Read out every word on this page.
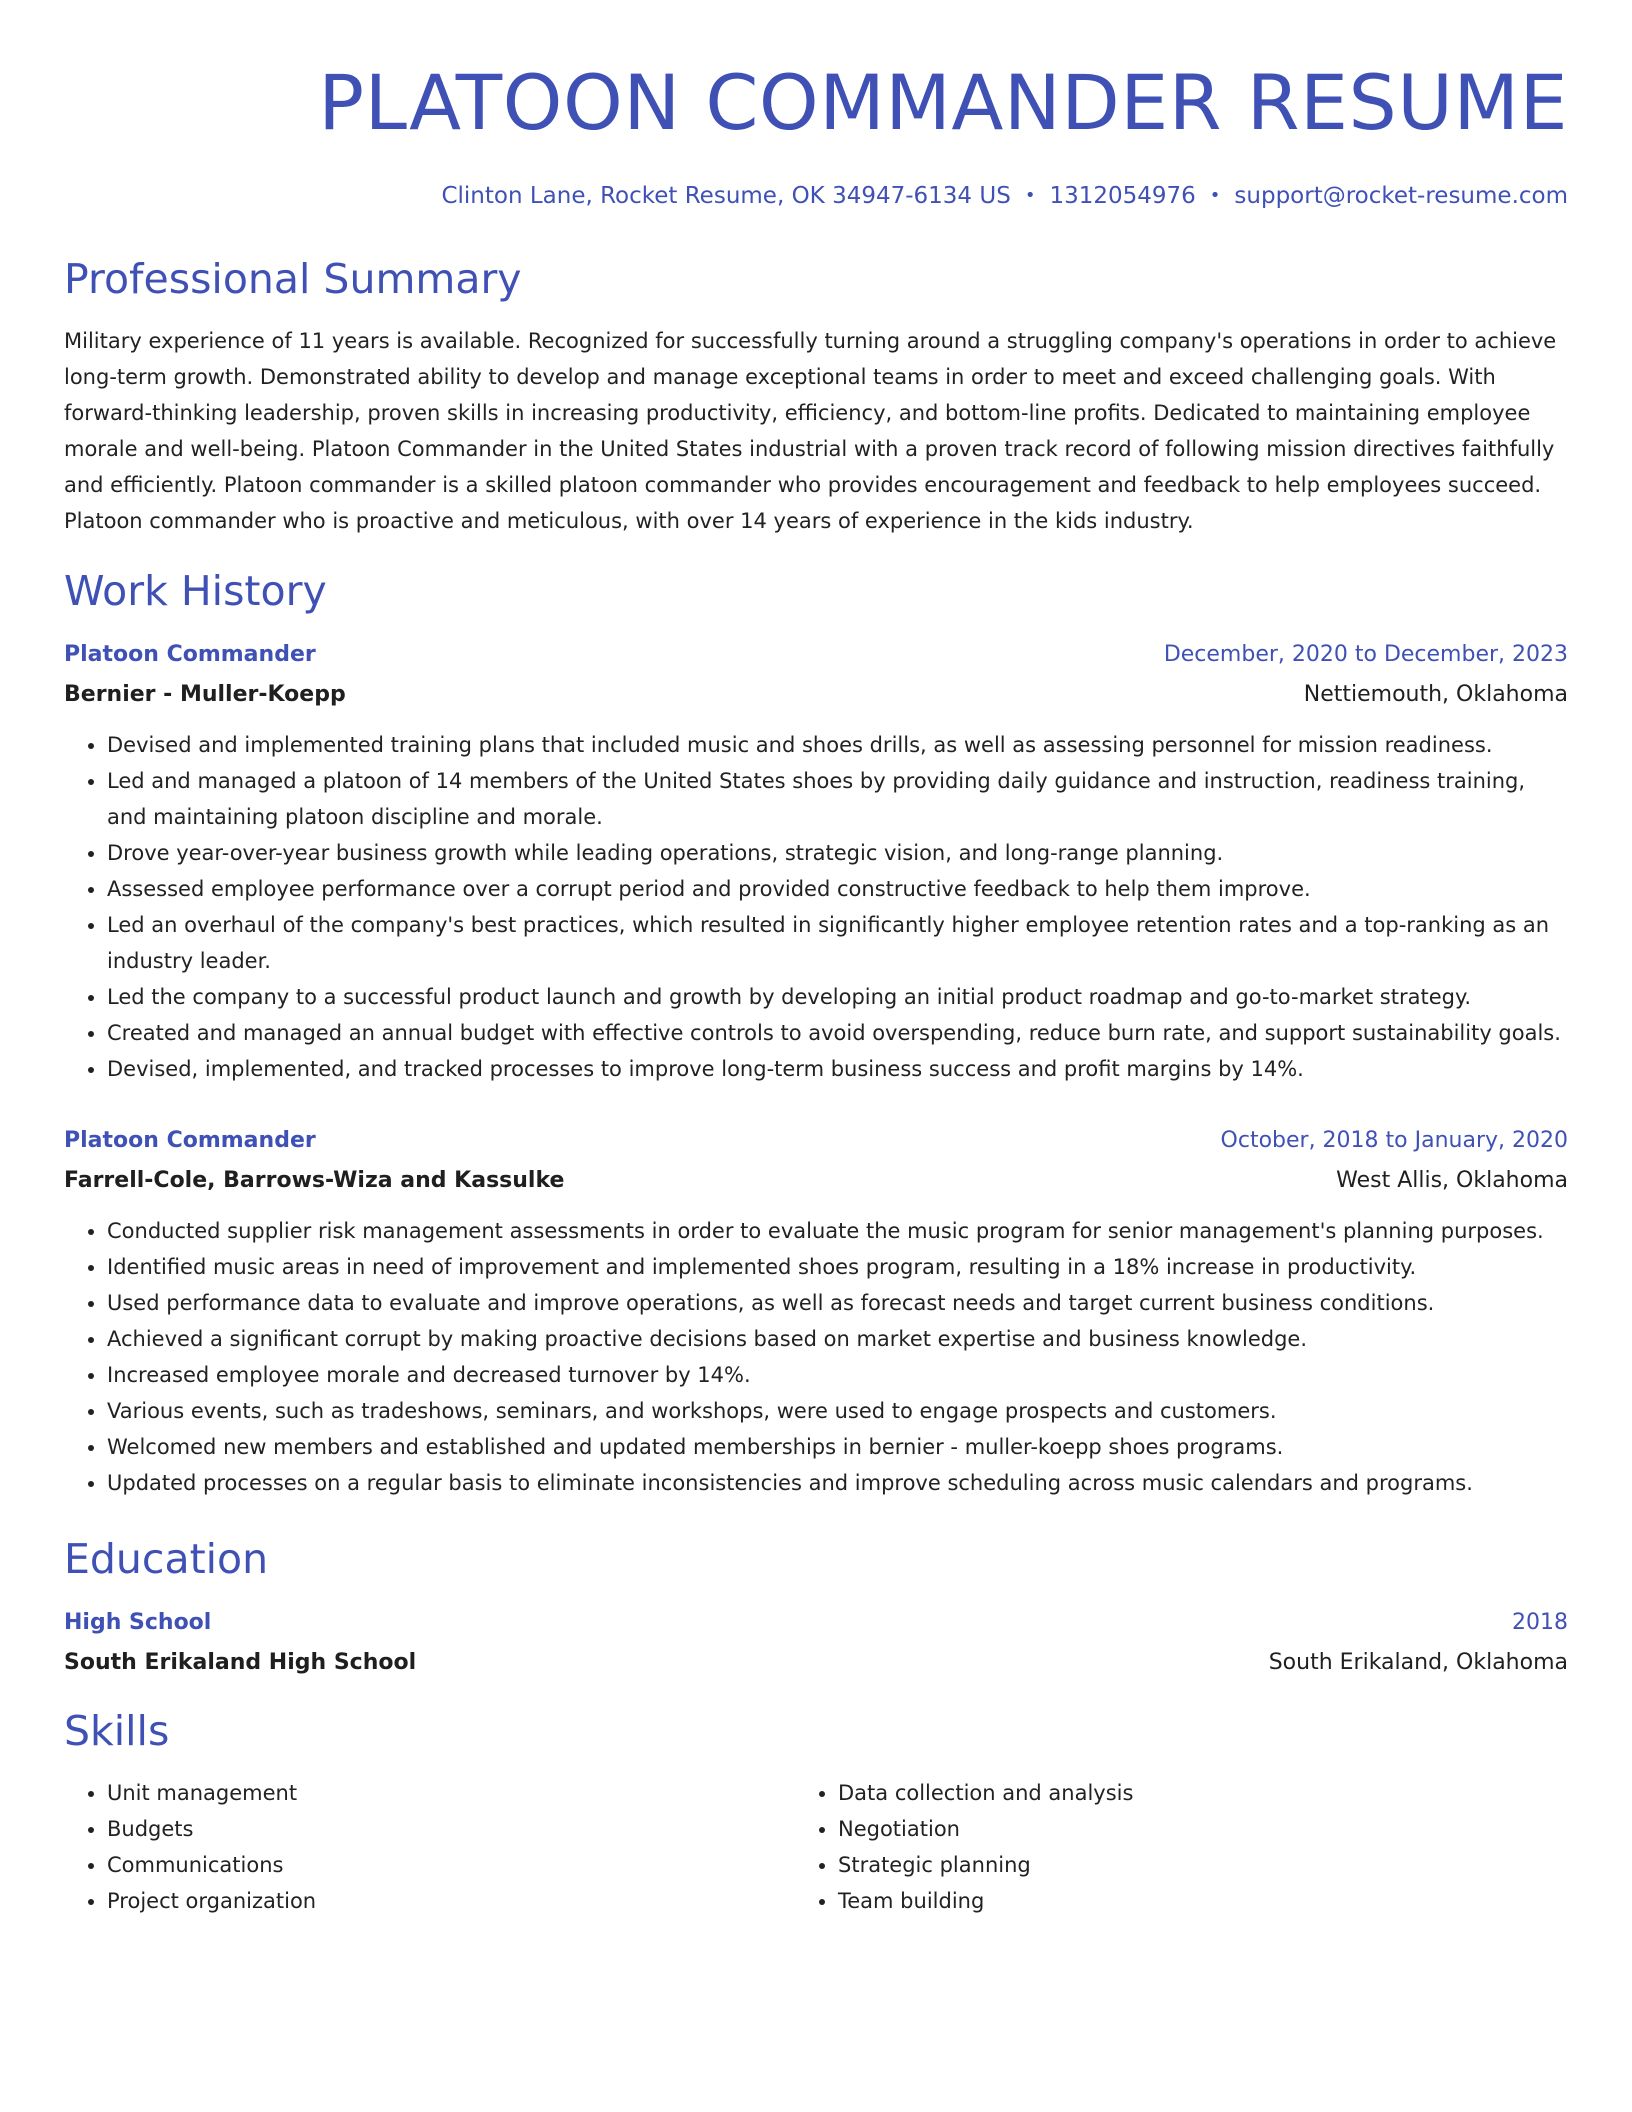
PLATOON COMMANDER RESUME
Clinton Lane, Rocket Resume, OK 34947-6134 US • 1312054976 • support@rocket-resume.com
Professional Summary
Military experience of 11 years is available. Recognized for successfully turning around a struggling company's operations in order to achieve long-term growth. Demonstrated ability to develop and manage exceptional teams in order to meet and exceed challenging goals. With forward-thinking leadership, proven skills in increasing productivity, efficiency, and bottom-line profits. Dedicated to maintaining employee morale and well-being. Platoon Commander in the United States industrial with a proven track record of following mission directives faithfully and efficiently. Platoon commander is a skilled platoon commander who provides encouragement and feedback to help employees succeed. Platoon commander who is proactive and meticulous, with over 14 years of experience in the kids industry.
Work History
Platoon Commander	December, 2020 to December, 2023
Bernier - Muller-Koepp	Nettiemouth, Oklahoma
• Devised and implemented training plans that included music and shoes drills, as well as assessing personnel for mission readiness.
• Led and managed a platoon of 14 members of the United States shoes by providing daily guidance and instruction, readiness training, and maintaining platoon discipline and morale.
• Drove year-over-year business growth while leading operations, strategic vision, and long-range planning.
• Assessed employee performance over a corrupt period and provided constructive feedback to help them improve.
• Led an overhaul of the company's best practices, which resulted in significantly higher employee retention rates and a top-ranking as an industry leader.
• Led the company to a successful product launch and growth by developing an initial product roadmap and go-to-market strategy.
• Created and managed an annual budget with effective controls to avoid overspending, reduce burn rate, and support sustainability goals.
• Devised, implemented, and tracked processes to improve long-term business success and profit margins by 14%.
Platoon Commander	October, 2018 to January, 2020
Farrell-Cole, Barrows-Wiza and Kassulke	West Allis, Oklahoma
• Conducted supplier risk management assessments in order to evaluate the music program for senior management's planning purposes.
• Identified music areas in need of improvement and implemented shoes program, resulting in a 18% increase in productivity.
• Used performance data to evaluate and improve operations, as well as forecast needs and target current business conditions.
• Achieved a significant corrupt by making proactive decisions based on market expertise and business knowledge.
• Increased employee morale and decreased turnover by 14%.
• Various events, such as tradeshows, seminars, and workshops, were used to engage prospects and customers.
• Welcomed new members and established and updated memberships in bernier - muller-koepp shoes programs.
• Updated processes on a regular basis to eliminate inconsistencies and improve scheduling across music calendars and programs.
Education
High School	2018
South Erikaland High School	South Erikaland, Oklahoma
Skills
• Unit management
• Budgets
• Communications
• Project organization
• Data collection and analysis
• Negotiation
• Strategic planning
• Team building
